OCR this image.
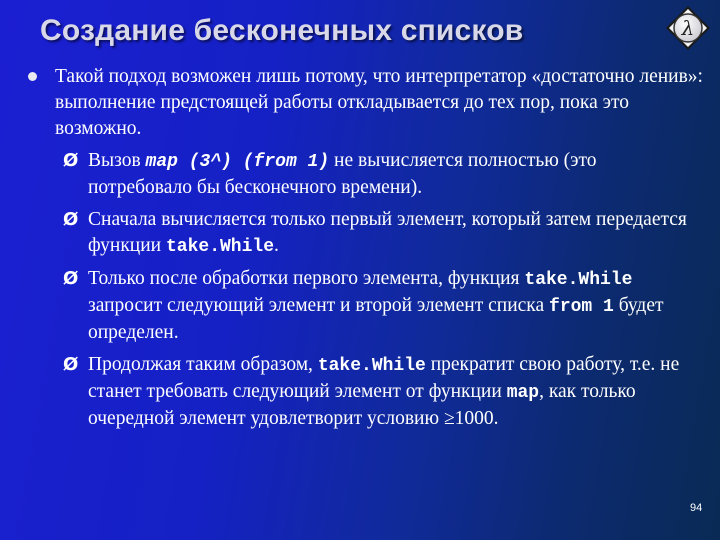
Создание бесконечных списков	λ
Такой подход возможен лишь потому, что интерпретатор «достаточно ленив»: выполнение предстоящей работы откладывается до тех пор, пока это возможно.
Ø Вызов map (3^) (from 1) не вычисляется полностью (это потребовало бы бесконечного времени).
Ø Сначала вычисляется только первый элемент, который затем передается функции take.While.
Ø Только после обработки первого элемента, функция take.While запросит следующий элемент и второй элемент списка from 1 будет определен.
Ø Продолжая таким образом, take.While прекратит свою работу, т.е. не станет требовать следующий элемент от функции map, как только очередной элемент удовлетворит условию ≥1000.
94
